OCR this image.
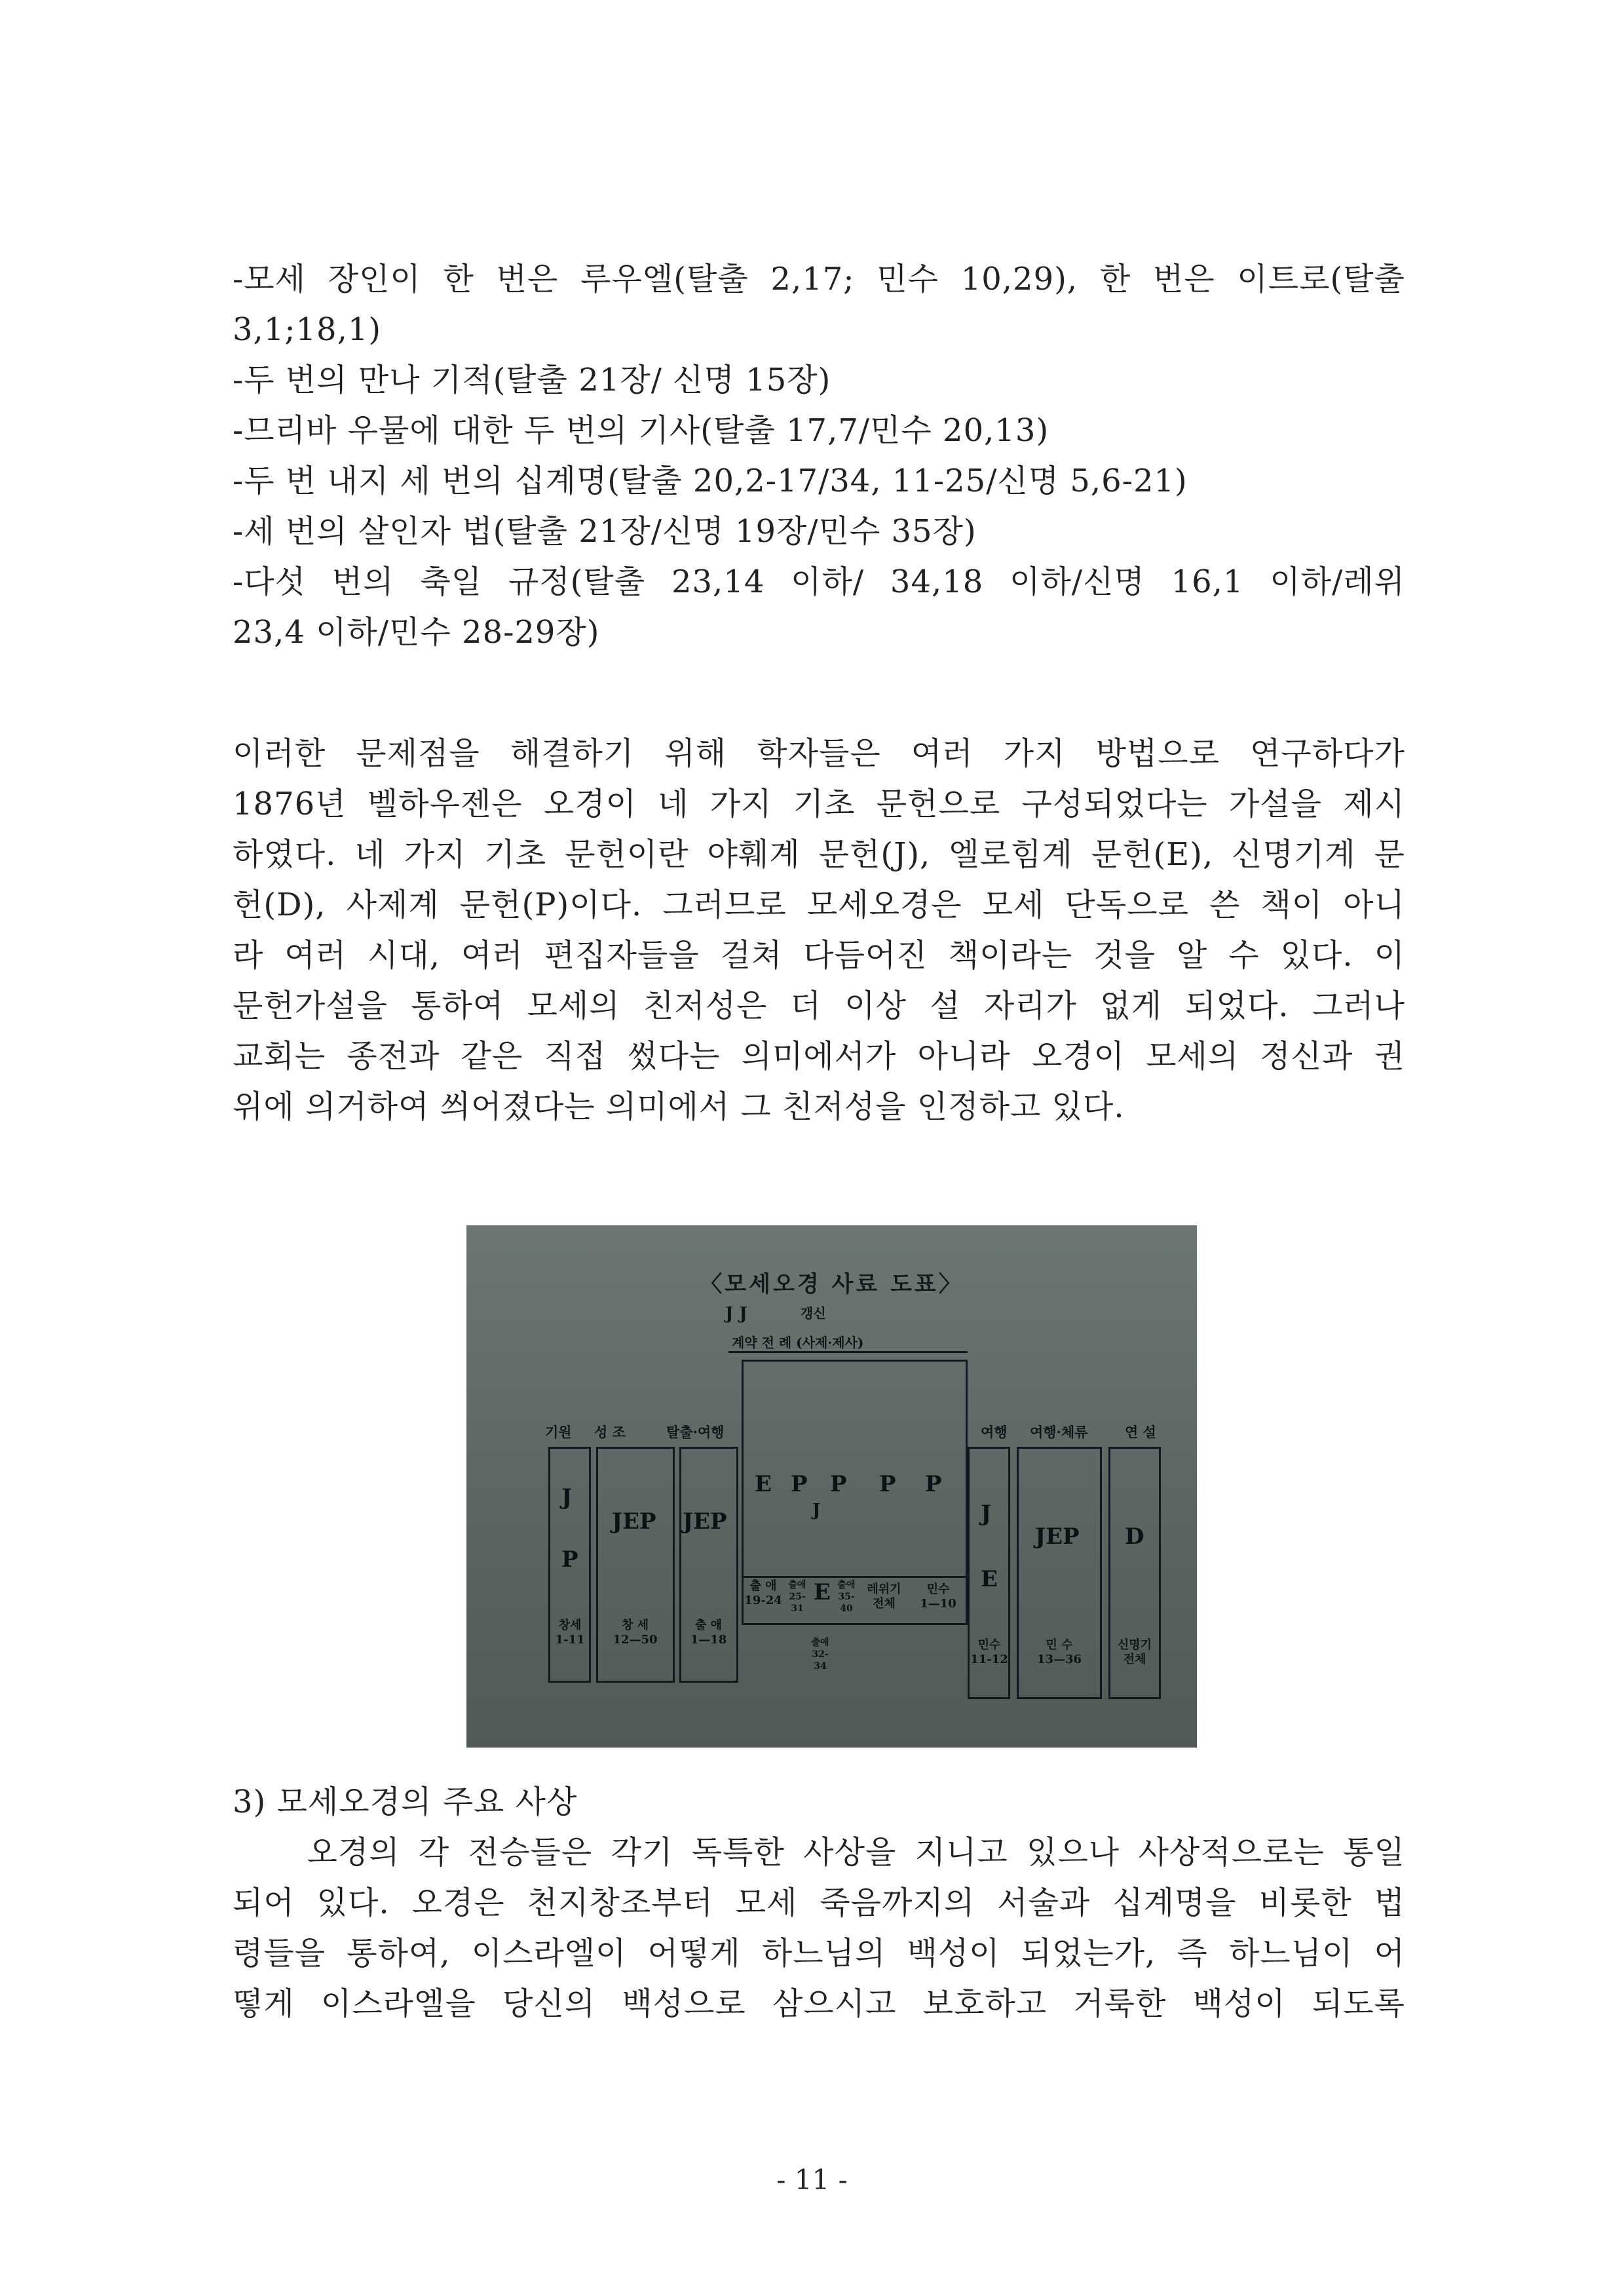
-모세 장인이 한 번은 루우엘(탈출 2,17; 민수 10,29), 한 번은 이트로(탈출
3,1;18,1)
-두 번의 만나 기적(탈출 21장/ 신명 15장)
-므리바 우물에 대한 두 번의 기사(탈출 17,7/민수 20,13)
-두 번 내지 세 번의 십계명(탈출 20,2-17/34, 11-25/신명 5,6-21)
-세 번의 살인자 법(탈출 21장/신명 19장/민수 35장)
-다섯 번의 축일 규정(탈출 23,14 이하/ 34,18 이하/신명 16,1 이하/레위
23,4 이하/민수 28-29장)
이러한 문제점을 해결하기 위해 학자들은 여러 가지 방법으로 연구하다가
1876년 벨하우젠은 오경이 네 가지 기초 문헌으로 구성되었다는 가설을 제시
하였다. 네 가지 기초 문헌이란 야훼계 문헌(J), 엘로힘계 문헌(E), 신명기계 문
헌(D), 사제계 문헌(P)이다. 그러므로 모세오경은 모세 단독으로 쓴 책이 아니
라 여러 시대, 여러 편집자들을 걸쳐 다듬어진 책이라는 것을 알 수 있다. 이
문헌가설을 통하여 모세의 친저성은 더 이상 설 자리가 없게 되었다. 그러나
교회는 종전과 같은 직접 썼다는 의미에서가 아니라 오경이 모세의 정신과 권
위에 의거하여 씌어졌다는 의미에서 그 친저성을 인정하고 있다.
〈모세오경 사료 도표〉
J J	갱신
계약 전 례 (사제·제사)
기원 성 조	탈출·여행	여행 여행·체류	연 설
J
P
창세
1-11
JEP
창 세
12—50
JEP
출 애
1—18
E P P P P
J
E
출 애
19-24
출애
25-
31
출애
32-34
출애
35-
40
레위기
전체
민수
1—10
J
E
민수
11-12
JEP
민 수
13—36
D
신명기
전체
3) 모세오경의 주요 사상
오경의 각 전승들은 각기 독특한 사상을 지니고 있으나 사상적으로는 통일
되어 있다. 오경은 천지창조부터 모세 죽음까지의 서술과 십계명을 비롯한 법
령들을 통하여, 이스라엘이 어떻게 하느님의 백성이 되었는가, 즉 하느님이 어
떻게 이스라엘을 당신의 백성으로 삼으시고 보호하고 거룩한 백성이 되도록
- 11 -
